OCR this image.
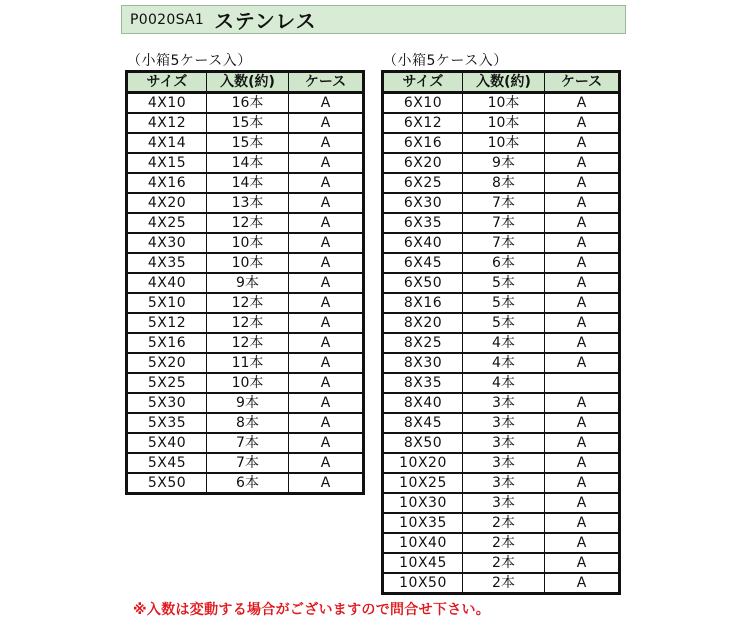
P0020SA1 ステンレス
（小箱5ケース入）
サイズ	入数(約)	ケース
4X10	16本	A
4X12	15本	A
4X14	15本	A
4X15	14本	A
4X16	14本	A
4X20	13本	A
4X25	12本	A
4X30	10本	A
4X35	10本	A
4X40	9本	A
5X10	12本	A
5X12	12本	A
5X16	12本	A
5X20	11本	A
5X25	10本	A
5X30	9本	A
5X35	8本	A
5X40	7本	A
5X45	7本	A
5X50	6本	A
（小箱5ケース入）
サイズ	入数(約)	ケース
6X10	10本	A
6X12	10本	A
6X16	10本	A
6X20	9本	A
6X25	8本	A
6X30	7本	A
6X35	7本	A
6X40	7本	A
6X45	6本	A
6X50	5本	A
8X16	5本	A
8X20	5本	A
8X25	4本	A
8X30	4本	A
8X35	4本	
8X40	3本	A
8X45	3本	A
8X50	3本	A
10X20	3本	A
10X25	3本	A
10X30	3本	A
10X35	2本	A
10X40	2本	A
10X45	2本	A
10X50	2本	A
※入数は変動する場合がございますので問合せ下さい。
